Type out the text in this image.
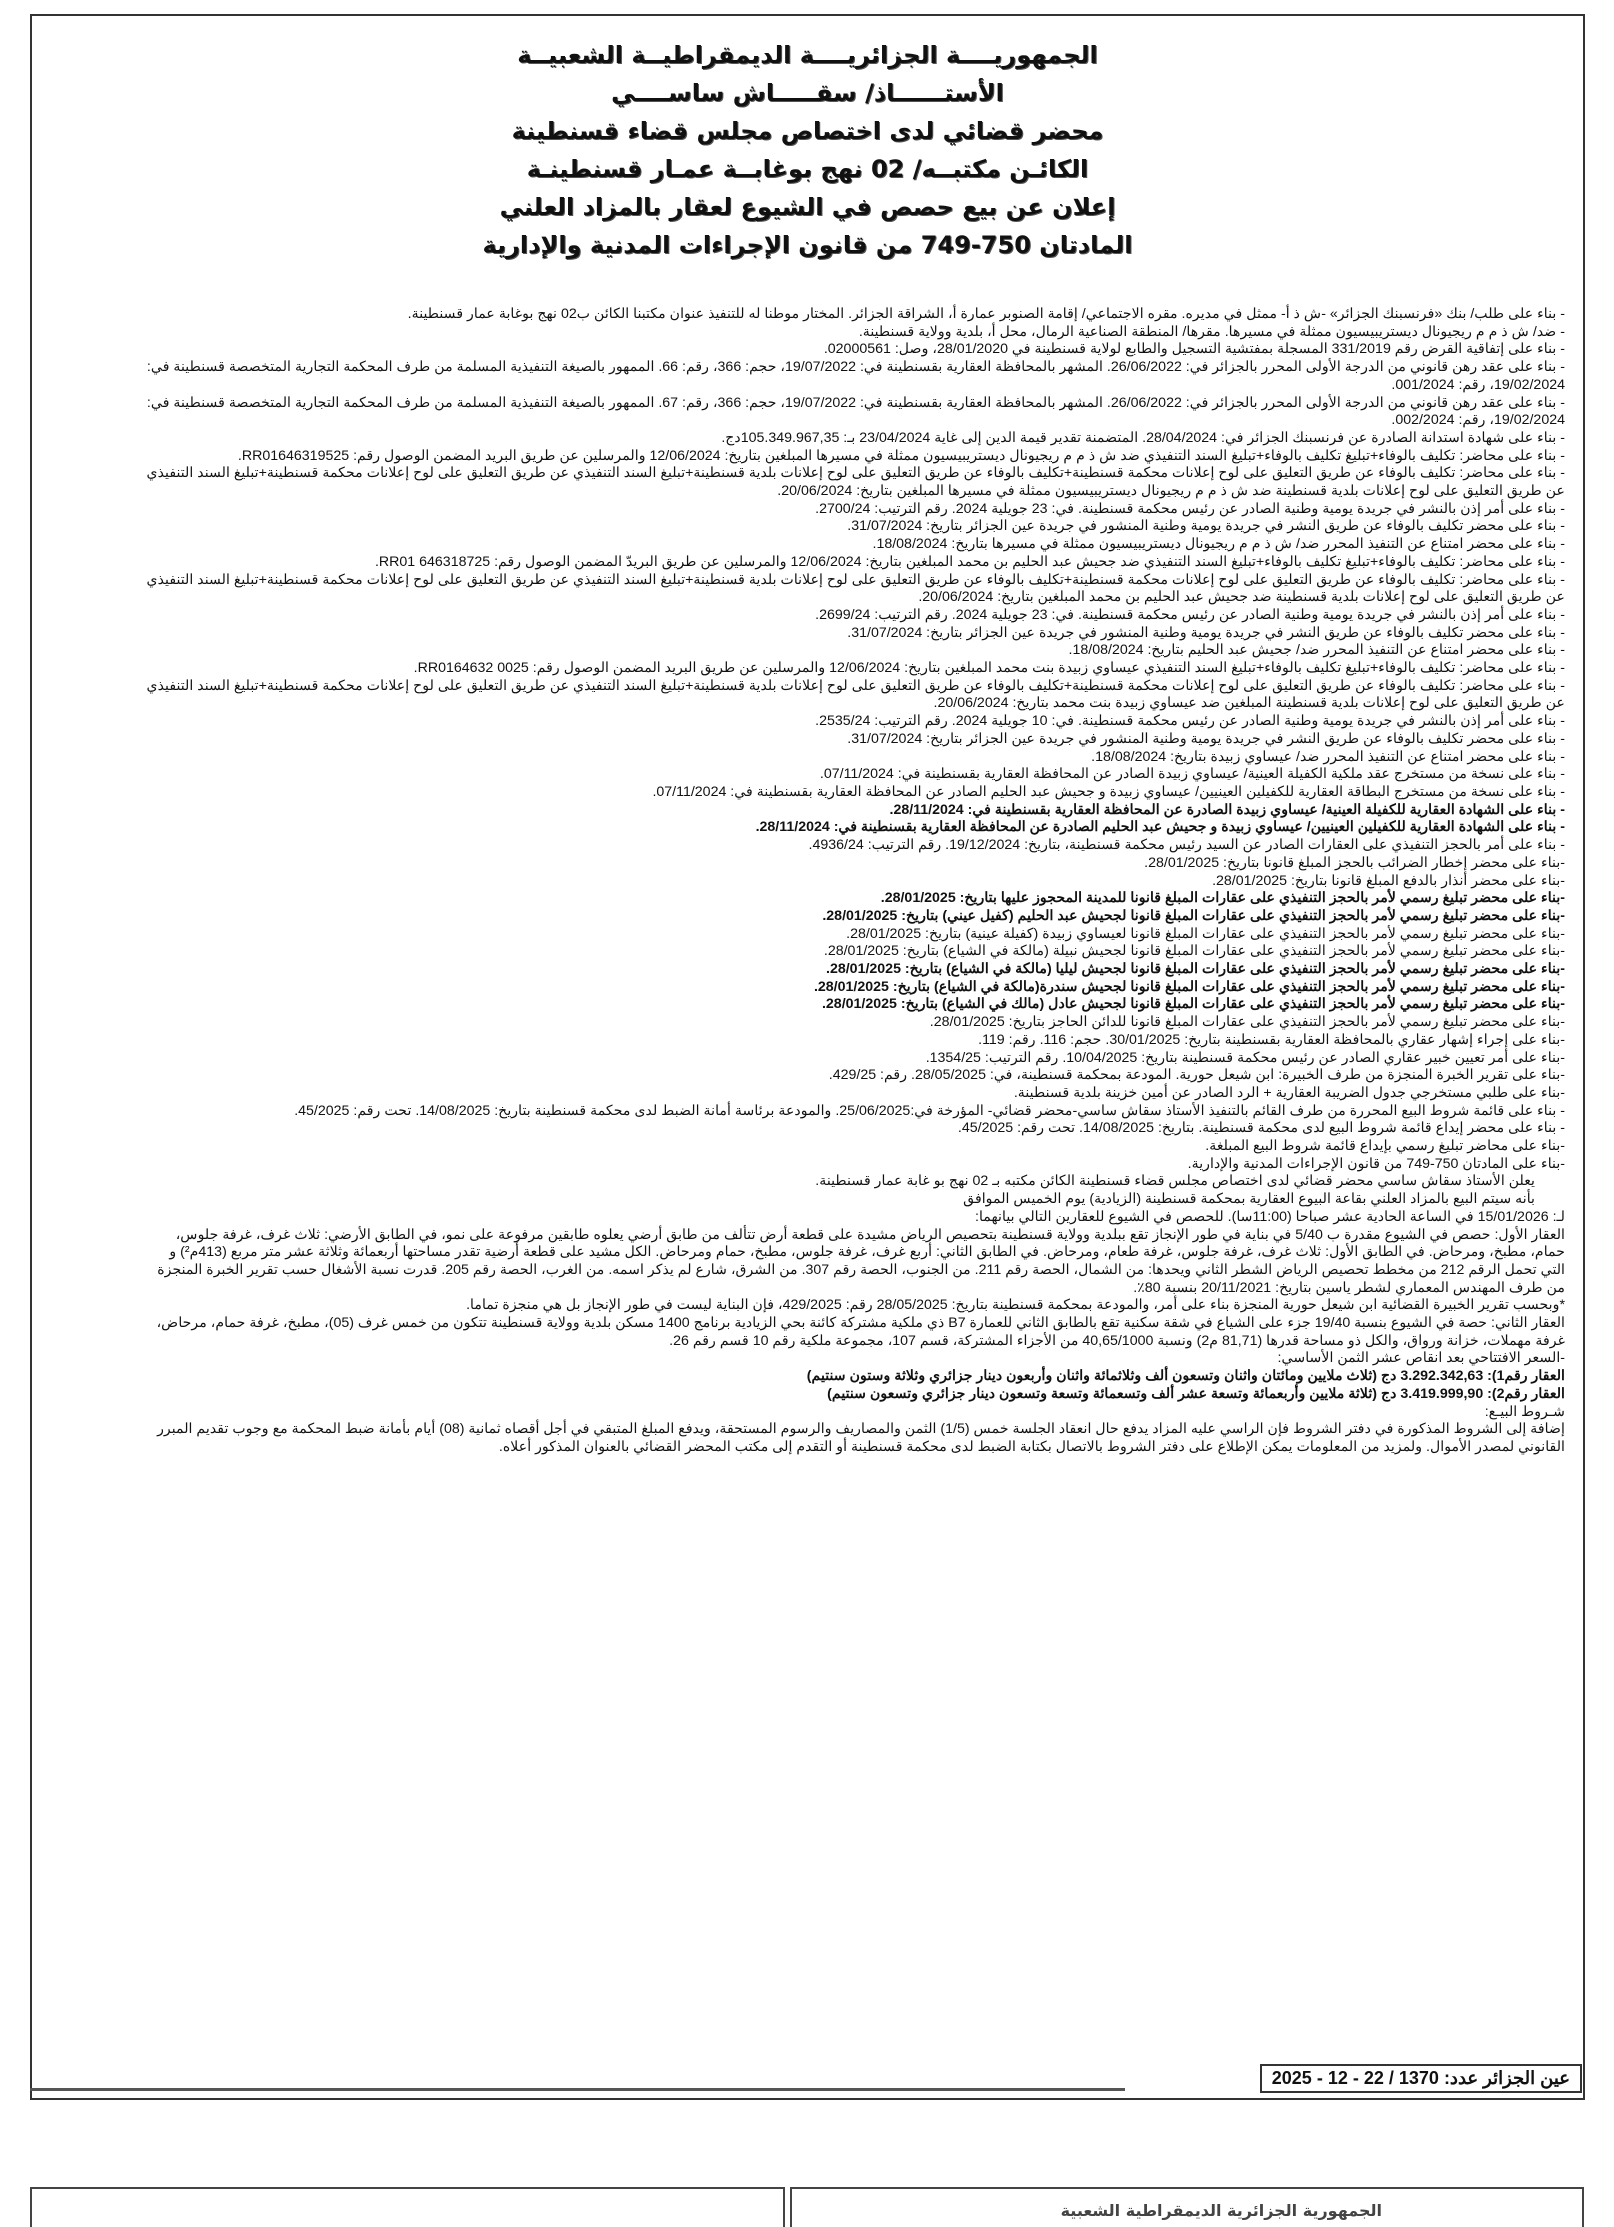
الجمهوريــــة الجزائريــــة الديمقراطيــة الشعبيــة
الأستــــــاذ/ سقـــــاش ساســــي
محضر قضائي لدى اختصاص مجلس قضاء قسنطينة
الكائـن مكتبــه/ 02 نهج بوغابــة عمـار قسنطينـة
إعلان عن بيع حصص في الشيوع لعقار بالمزاد العلني
المادتان 750-749 من قانون الإجراءات المدنية والإدارية

- بناء على طلب/ بنك «فرنسبنك الجزائر» -ش ذ أ- ممثل في مديره. مقره الاجتماعي/ إقامة الصنوبر عمارة أ، الشراقة الجزائر. المختار موطنا له للتنفيذ عنوان مكتبنا الكائن ب02 نهج بوغابة عمار قسنطينة.

- ضد/ ش ذ م م ريجيونال ديستريبيسيون ممثلة في مسيرها. مقرها/ المنطقة الصناعية الرمال، محل أ، بلدية وولاية قسنطينة.

- بناء على إتفاقية القرض رقم 331/2019 المسجلة بمفتشية التسجيل والطابع لولاية قسنطينة في 28/01/2020، وصل: 02000561.

- بناء على عقد رهن قانوني من الدرجة الأولى المحرر بالجزائر في: 26/06/2022. المشهر بالمحافظة العقارية بقسنطينة في: 19/07/2022، حجم: 366، رقم: 66. الممهور بالصيغة التنفيذية المسلمة من طرف المحكمة التجارية المتخصصة قسنطينة في: 19/02/2024، رقم: 001/2024.

- بناء على عقد رهن قانوني من الدرجة الأولى المحرر بالجزائر في: 26/06/2022. المشهر بالمحافظة العقارية بقسنطينة في: 19/07/2022، حجم: 366، رقم: 67. الممهور بالصيغة التنفيذية المسلمة من طرف المحكمة التجارية المتخصصة قسنطينة في: 19/02/2024، رقم: 002/2024.

- بناء على شهادة استدانة الصادرة عن فرنسبنك الجزائر في: 28/04/2024. المتضمنة تقدير قيمة الدين إلى غاية 23/04/2024 بـ: 105.349.967,35دج.

- بناء على محاضر: تكليف بالوفاء+تبليغ تكليف بالوفاء+تبليغ السند التنفيذي ضد ش ذ م م ريجيونال ديستريبيسيون ممثلة في مسيرها المبلغين بتاريخ: 12/06/2024 والمرسلين عن طريق البريد المضمن الوصول رقم: RR01646319525.

- بناء على محاضر: تكليف بالوفاء عن طريق التعليق على لوح إعلانات محكمة قسنطينة+تكليف بالوفاء عن طريق التعليق على لوح إعلانات بلدية قسنطينة+تبليغ السند التنفيذي عن طريق التعليق على لوح إعلانات محكمة قسنطينة+تبليغ السند التنفيذي عن طريق التعليق على لوح إعلانات بلدية قسنطينة ضد ش ذ م م ريجيونال ديستريبيسيون ممثلة في مسيرها المبلغين بتاريخ: 20/06/2024.

- بناء على أمر إذن بالنشر في جريدة يومية وطنية الصادر عن رئيس محكمة قسنطينة. في: 23 جويلية 2024. رقم الترتيب: 2700/24.

- بناء على محضر تكليف بالوفاء عن طريق النشر في جريدة يومية وطنية المنشور في جريدة عين الجزائر بتاريخ: 31/07/2024.

- بناء على محضر امتناع عن التنفيذ المحرر ضد/ ش ذ م م ريجيونال ديستريبيسيون ممثلة في مسيرها بتاريخ: 18/08/2024.

- بناء على محاضر: تكليف بالوفاء+تبليغ تكليف بالوفاء+تبليغ السند التنفيذي ضد جحيش عبد الحليم بن محمد المبلغين بتاريخ: 12/06/2024 والمرسلين عن طريق البريدّ المضمن الوصول رقم: RR01 646318725.

- بناء على محاضر: تكليف بالوفاء عن طريق التعليق على لوح إعلانات محكمة قسنطينة+تكليف بالوفاء عن طريق التعليق على لوح إعلانات بلدية قسنطينة+تبليغ السند التنفيذي عن طريق التعليق على لوح إعلانات محكمة قسنطينة+تبليغ السند التنفيذي عن طريق التعليق على لوح إعلانات بلدية قسنطينة ضد جحيش عبد الحليم بن محمد المبلغين بتاريخ: 20/06/2024.

- بناء على أمر إذن بالنشر في جريدة يومية وطنية الصادر عن رئيس محكمة قسنطينة. في: 23 جويلية 2024. رقم الترتيب: 2699/24.

- بناء على محضر تكليف بالوفاء عن طريق النشر في جريدة يومية وطنية المنشور في جريدة عين الجزائر بتاريخ: 31/07/2024.

- بناء على محضر امتناع عن التنفيذ المحرر ضد/ جحيش عبد الحليم بتاريخ: 18/08/2024.

- بناء على محاضر: تكليف بالوفاء+تبليغ تكليف بالوفاء+تبليغ السند التنفيذي عيساوي زبيدة بنت محمد المبلغين بتاريخ: 12/06/2024 والمرسلين عن طريق البريد المضمن الوصول رقم: RR0164632 0025.

- بناء على محاضر: تكليف بالوفاء عن طريق التعليق على لوح إعلانات محكمة قسنطينة+تكليف بالوفاء عن طريق التعليق على لوح إعلانات بلدية قسنطينة+تبليغ السند التنفيذي عن طريق التعليق على لوح إعلانات محكمة قسنطينة+تبليغ السند التنفيذي عن طريق التعليق على لوح إعلانات بلدية قسنطينة المبلغين ضد عيساوي زبيدة بنت محمد بتاريخ: 20/06/2024.

- بناء على أمر إذن بالنشر في جريدة يومية وطنية الصادر عن رئيس محكمة قسنطينة. في: 10 جويلية 2024. رقم الترتيب: 2535/24.

- بناء على محضر تكليف بالوفاء عن طريق النشر في جريدة يومية وطنية المنشور في جريدة عين الجزائر بتاريخ: 31/07/2024.

- بناء على محضر امتناع عن التنفيذ المحرر ضد/ عيساوي زبيدة بتاريخ: 18/08/2024.

- بناء على نسخة من مستخرج عقد ملكية الكفيلة العينية/ عيساوي زبيدة الصادر عن المحافظة العقارية بقسنطينة في: 07/11/2024.

- بناء على نسخة من مستخرج البطاقة العقارية للكفيلين العينيين/ عيساوي زبيدة و جحيش عبد الحليم الصادر عن المحافظة العقارية بقسنطينة في: 07/11/2024.

- بناء على الشهادة العقارية للكفيلة العينية/ عيساوي زبيدة الصادرة عن المحافظة العقارية بقسنطينة في: 28/11/2024.

- بناء على الشهادة العقارية للكفيلين العينيين/ عيساوي زبيدة و جحيش عبد الحليم الصادرة عن المحافظة العقارية بقسنطينة في: 28/11/2024.

- بناء على أمر بالحجز التنفيذي على العقارات الصادر عن السيد رئيس محكمة قسنطينة، بتاريخ: 19/12/2024. رقم الترتيب: 4936/24.

-بناء على محضر إخطار الضرائب بالحجز المبلغ قانونا بتاريخ: 28/01/2025.

-بناء على محضر أنذار بالدفع المبلغ قانونا بتاريخ: 28/01/2025.

-بناء على محضر تبليغ رسمي لأمر بالحجز التنفيذي على عقارات المبلغ قانونا للمدينة المحجوز عليها بتاريخ: 28/01/2025.

-بناء على محضر تبليغ رسمي لأمر بالحجز التنفيذي على عقارات المبلغ قانونا لجحيش عبد الحليم (كفيل عيني) بتاريخ: 28/01/2025.

-بناء على محضر تبليغ رسمي لأمر بالحجز التنفيذي على عقارات المبلغ قانونا لعيساوي زبيدة (كفيلة عينية) بتاريخ: 28/01/2025.

-بناء على محضر تبليغ رسمي لأمر بالحجز التنفيذي على عقارات المبلغ قانونا لجحيش نبيلة (مالكة في الشياع) بتاريخ: 28/01/2025.

-بناء على محضر تبليغ رسمي لأمر بالحجز التنفيذي على عقارات المبلغ قانونا لجحيش ليليا (مالكة في الشياع) بتاريخ: 28/01/2025.

-بناء على محضر تبليغ رسمي لأمر بالحجز التنفيذي على عقارات المبلغ قانونا لجحيش سندرة(مالكة في الشياع) بتاريخ: 28/01/2025.

-بناء على محضر تبليغ رسمي لأمر بالحجز التنفيذي على عقارات المبلغ قانونا لجحيش عادل (مالك في الشياع) بتاريخ: 28/01/2025.

-بناء على محضر تبليغ رسمي لأمر بالحجز التنفيذي على عقارات المبلغ قانونا للدائن الحاجز بتاريخ: 28/01/2025.

-بناء على إجراء إشهار عقاري بالمحافظة العقارية بقسنطينة بتاريخ: 30/01/2025. حجم: 116. رقم: 119.

-بناء على أمر تعيين خبير عقاري الصادر عن رئيس محكمة قسنطينة بتاريخ: 10/04/2025. رقم الترتيب: 1354/25.

-بناء على تقرير الخبرة المنجزة من طرف الخبيرة: ابن شيعل حورية. المودعة بمحكمة قسنطينة، في: 28/05/2025. رقم: 429/25.

-بناء على طلبي مستخرجي جدول الضريبة العقارية + الرد الصادر عن أمين خزينة بلدية قسنطينة.

- بناء على قائمة شروط البيع المحررة من طرف القائم بالتنفيذ الأستاذ سقاش ساسي-محضر قضائي- المؤرخة في:25/06/2025. والمودعة برئاسة أمانة الضبط لدى محكمة قسنطينة بتاريخ: 14/08/2025. تحت رقم: 45/2025.

- بناء على محضر إيداع قائمة شروط البيع لدى محكمة قسنطينة. بتاريخ: 14/08/2025. تحت رقم: 45/2025.

-بناء على محاضر تبليغ رسمي بإيداع قائمة شروط البيع المبلغة.

-بناء على المادتان 750-749 من قانون الإجراءات المدنية والإدارية.

يعلن الأستاذ سقاش ساسي محضر قضائي لدى اختصاص مجلس قضاء قسنطينة الكائن مكتبه بـ 02 نهج بو غابة عمار قسنطينة.

بأنه سيتم البيع بالمزاد العلني بقاعة البيوع العقارية بمحكمة قسنطينة (الزيادية) يوم الخميس الموافق

لـ: 15/01/2026 في الساعة الحادية عشر صباحا (11:00سا). للحصص في الشيوع للعقارين التالي بيانهما:

العقار الأول: حصص في الشيوع مقدرة ب 5/40 في بناية في طور الإنجاز تقع ببلدية وولاية قسنطينة بتحصيص الرياض مشيدة على قطعة أرض تتألف من طابق أرضي يعلوه طابقين مرفوعة على نمو، في الطابق الأرضي: ثلاث غرف، غرفة جلوس، حمام، مطبخ، ومرحاض. في الطابق الأول: ثلاث غرف، غرفة جلوس، غرفة طعام، ومرحاض. في الطابق الثاني: أربع غرف، غرفة جلوس، مطبخ، حمام ومرحاض. الكل مشيد على قطعة أرضية تقدر مساحتها أربعمائة وثلاثة عشر متر مربع (413م²) و التي تحمل الرقم 212 من مخطط تحصيص الرياض الشطر الثاني ويحدها: من الشمال، الحصة رقم 211. من الجنوب، الحصة رقم 307. من الشرق، شارع لم يذكر اسمه. من الغرب، الحصة رقم 205. قدرت نسبة الأشغال حسب تقرير الخبرة المنجزة من طرف المهندس المعماري لشطر ياسين بتاريخ: 20/11/2021 بنسبة 80٪.

*وبحسب تقرير الخبيرة القضائية ابن شيعل حورية المنجزة بناء على أمر، والمودعة بمحكمة قسنطينة بتاريخ: 28/05/2025 رقم: 429/2025، فإن البناية ليست في طور الإنجاز بل هي منجزة تماما.

العقار الثاني: حصة في الشيوع بنسبة 19/40 جزء على الشياع في شقة سكنية تقع بالطابق الثاني للعمارة B7 ذي ملكية مشتركة كائنة بحي الزيادية برنامج 1400 مسكن بلدية وولاية قسنطينة تتكون من خمس غرف (05)، مطبخ، غرفة حمام، مرحاض، غرفة مهملات، خزانة ورواق، والكل ذو مساحة قدرها (81,71 م2) ونسبة 40,65/1000 من الأجزاء المشتركة، قسم 107، مجموعة ملكية رقم 10 قسم رقم 26.

-السعر الافتتاحي بعد انقاص عشر الثمن الأساسي:

العقار رقم1): 3.292.342,63 دج (ثلاث ملايين ومائتان واثنان وتسعون ألف وثلاثمائة واثنان وأربعون دينار جزائري وثلاثة وستون سنتيم)

العقار رقم2): 3.419.999,90 دج (ثلاثة ملايين وأربعمائة وتسعة عشر ألف وتسعمائة وتسعة وتسعون دينار جزائري وتسعون سنتيم)

شـروط البيـع:

إضافة إلى الشروط المذكورة في دفتر الشروط فإن الراسي عليه المزاد يدفع حال انعقاد الجلسة خمس (1/5) الثمن والمصاريف والرسوم المستحقة، ويدفع المبلغ المتبقي في أجل أقصاه ثمانية (08) أيام بأمانة ضبط المحكمة مع وجوب تقديم المبرر القانوني لمصدر الأموال. ولمزيد من المعلومات يمكن الإطلاع على دفتر الشروط بالاتصال بكتابة الضبط لدى محكمة قسنطينة أو التقدم إلى مكتب المحضر القضائي بالعنوان المذكور أعلاه.

عين الجزائر عدد: 1370 / 22 - 12 - 2025
الجمهورية الجزائرية الديمقراطية الشعبية
